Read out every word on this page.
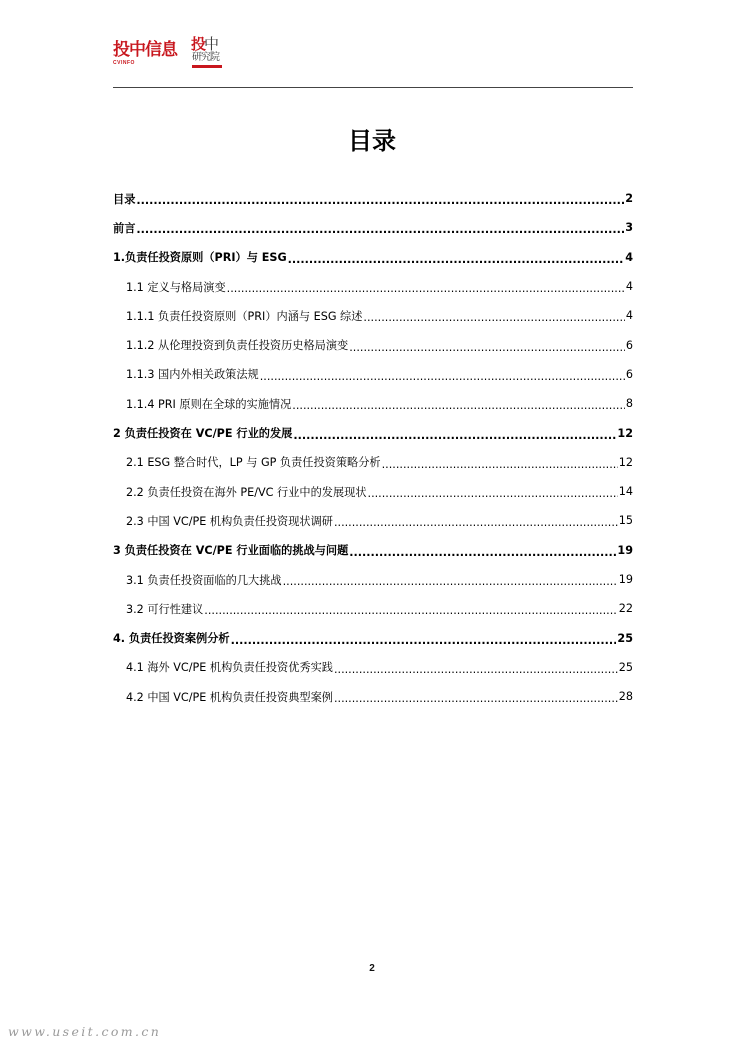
投中信息
CVINFO
投
中
研究院
目录
目录 .....	2
前言 .....	3
1.负责任投资原则（PRI）与 ESG .....	4
1.1 定义与格局演变 .....	4
1.1.1 负责任投资原则（PRI）内涵与 ESG 综述 .....	4
1.1.2 从伦理投资到负责任投资历史格局演变 .....	6
1.1.3 国内外相关政策法规 .....	6
1.1.4 PRI 原则在全球的实施情况 .....	8
2 负责任投资在 VC/PE 行业的发展 .....	12
2.1 ESG 整合时代，LP 与 GP 负责任投资策略分析 .....	12
2.2 负责任投资在海外 PE/VC 行业中的发展现状 .....	14
2.3 中国 VC/PE 机构负责任投资现状调研 .....	15
3 负责任投资在 VC/PE 行业面临的挑战与问题 .....	19
3.1 负责任投资面临的几大挑战 .....	19
3.2 可行性建议 .....	22
4. 负责任投资案例分析 .....	25
4.1 海外 VC/PE 机构负责任投资优秀实践 .....	25
4.2 中国 VC/PE 机构负责任投资典型案例 .....	28
2
www.useit.com.cn
